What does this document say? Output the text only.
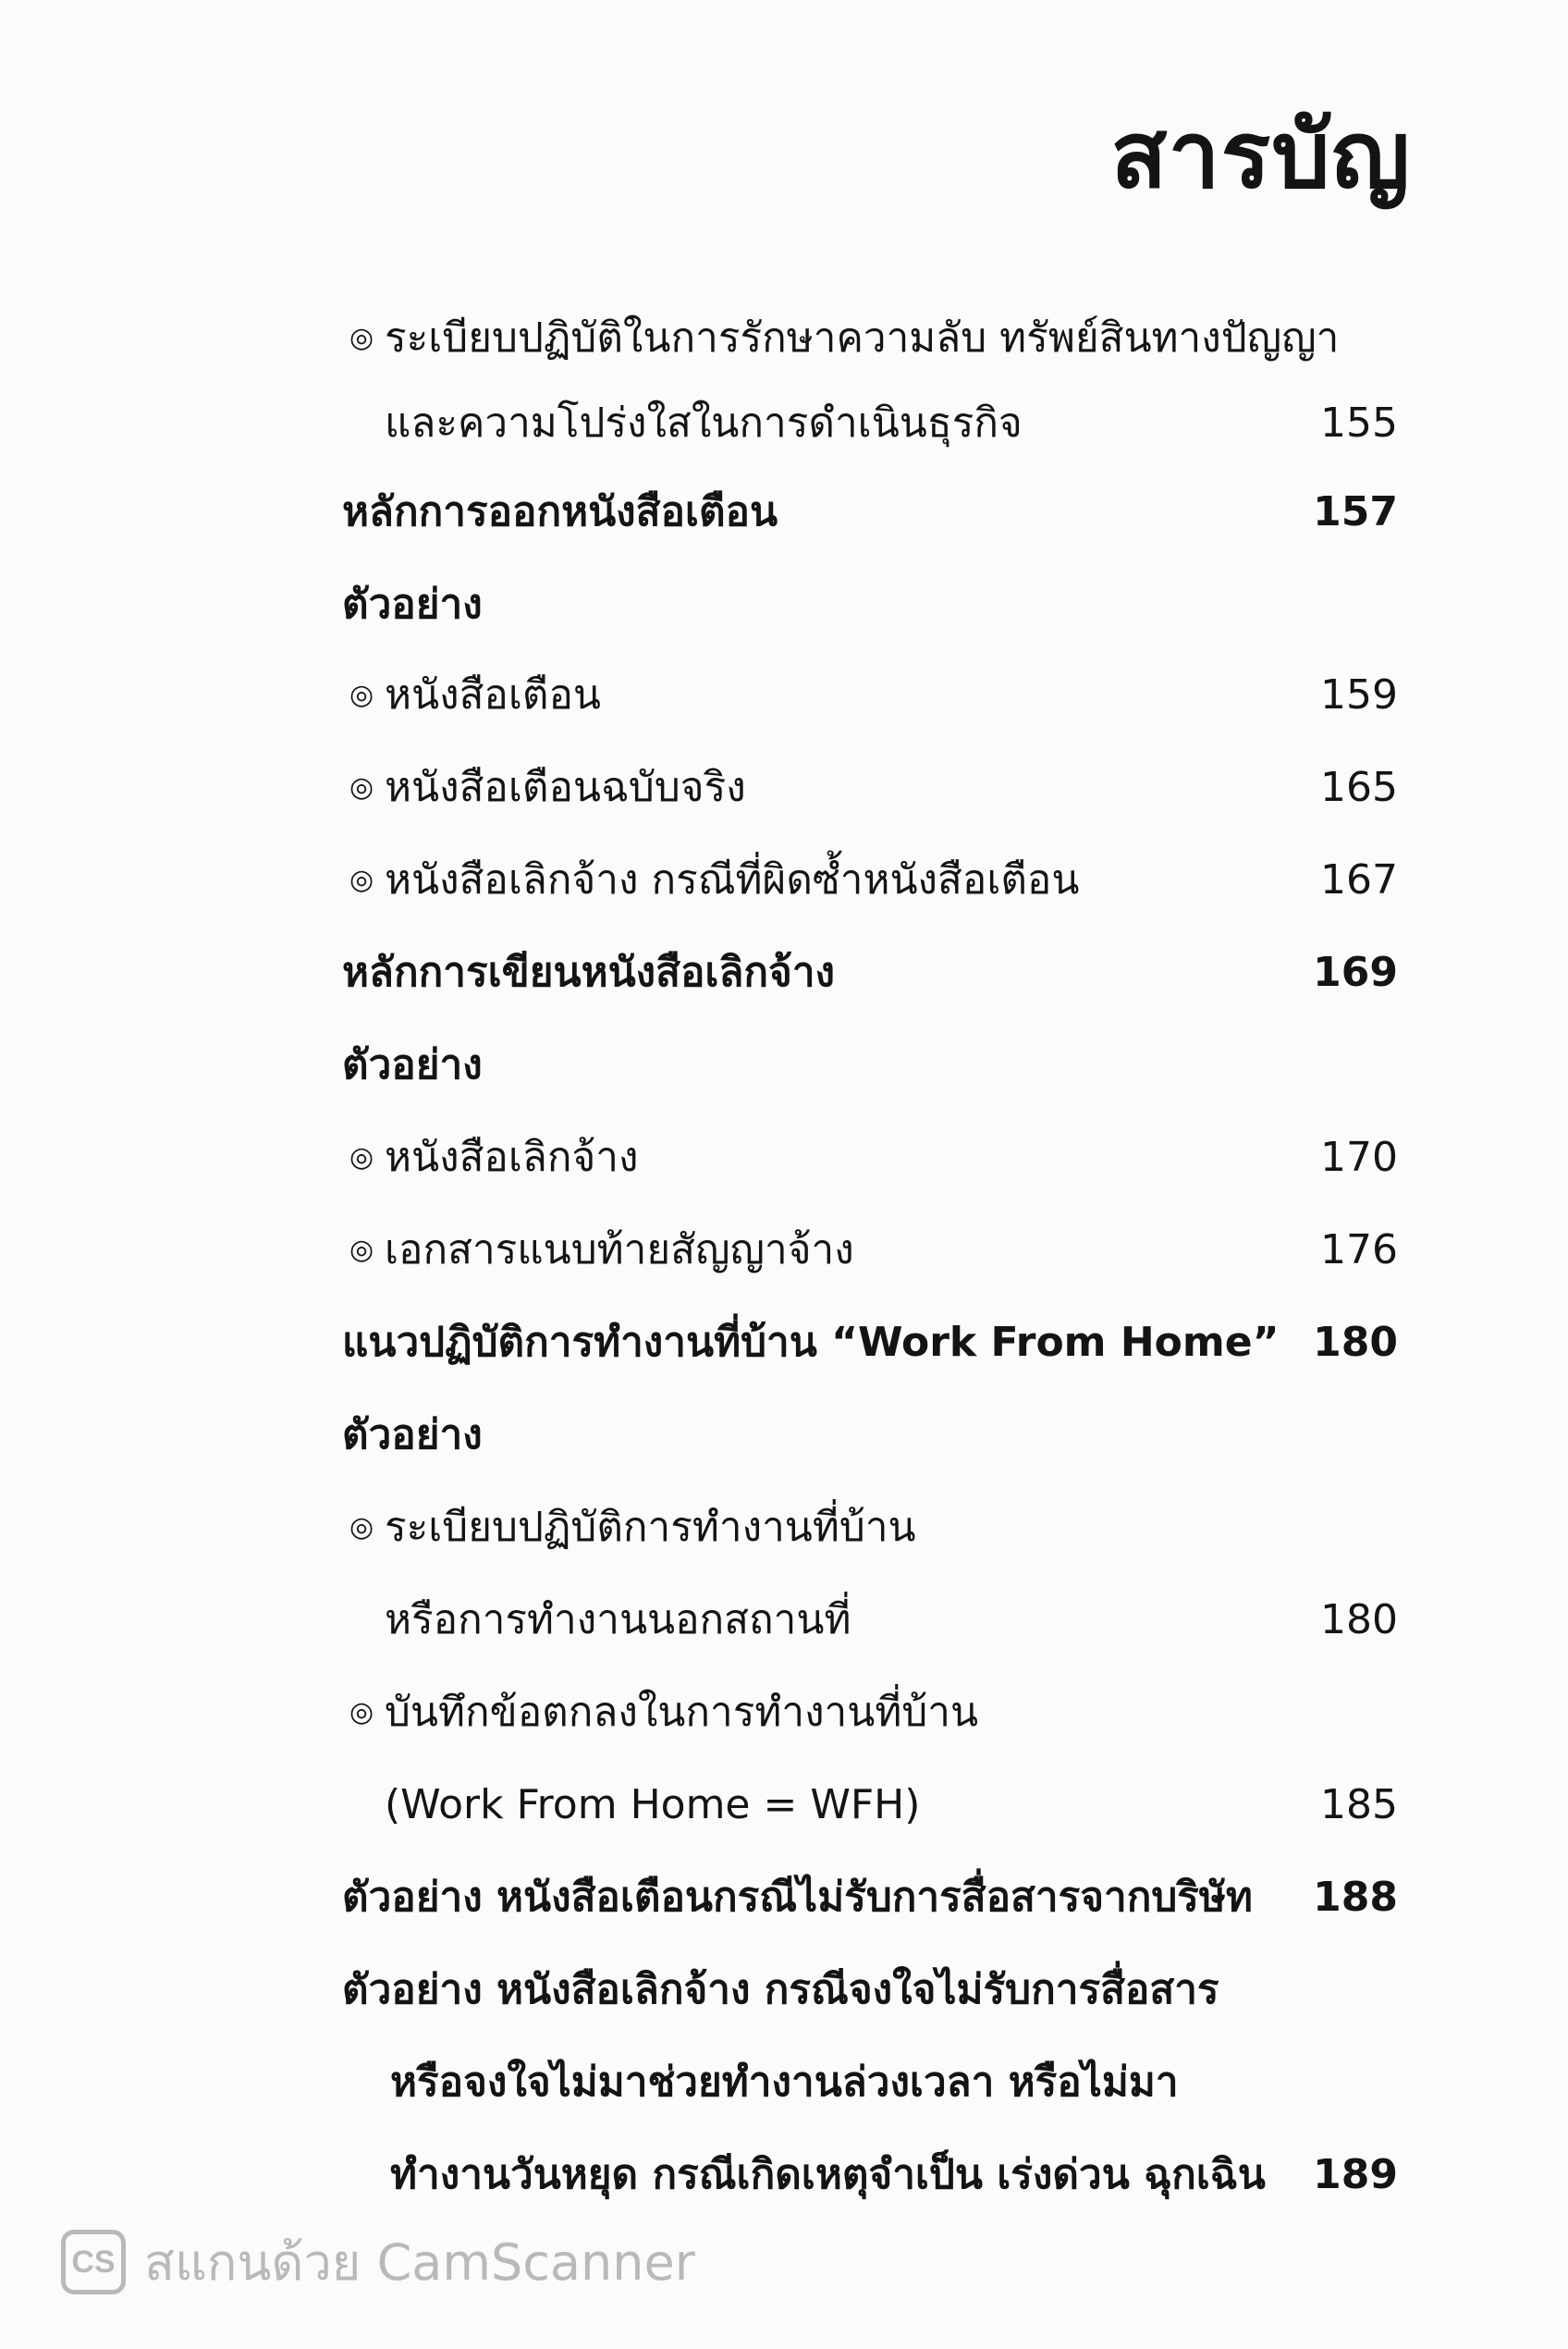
สารบัญ
◎ ระเบียบปฏิบัติในการรักษาความลับ ทรัพย์สินทางปัญญา
และความโปร่งใสในการดำเนินธุรกิจ	155
หลักการออกหนังสือเตือน	157
ตัวอย่าง
◎ หนังสือเตือน	159
◎ หนังสือเตือนฉบับจริง	165
◎ หนังสือเลิกจ้าง กรณีที่ผิดซ้ำหนังสือเตือน	167
หลักการเขียนหนังสือเลิกจ้าง	169
ตัวอย่าง
◎ หนังสือเลิกจ้าง	170
◎ เอกสารแนบท้ายสัญญาจ้าง	176
แนวปฏิบัติการทำงานที่บ้าน “Work From Home” 180
ตัวอย่าง
◎ ระเบียบปฏิบัติการทำงานที่บ้าน
หรือการทำงานนอกสถานที่	180
◎ บันทึกข้อตกลงในการทำงานที่บ้าน
(Work From Home = WFH)	185
ตัวอย่าง หนังสือเตือนกรณีไม่รับการสื่อสารจากบริษัท 188
ตัวอย่าง หนังสือเลิกจ้าง กรณีจงใจไม่รับการสื่อสาร
หรือจงใจไม่มาช่วยทำงานล่วงเวลา หรือไม่มา
ทำงานวันหยุด กรณีเกิดเหตุจำเป็น เร่งด่วน ฉุกเฉิน 189
CS สแกนด้วย CamScanner
